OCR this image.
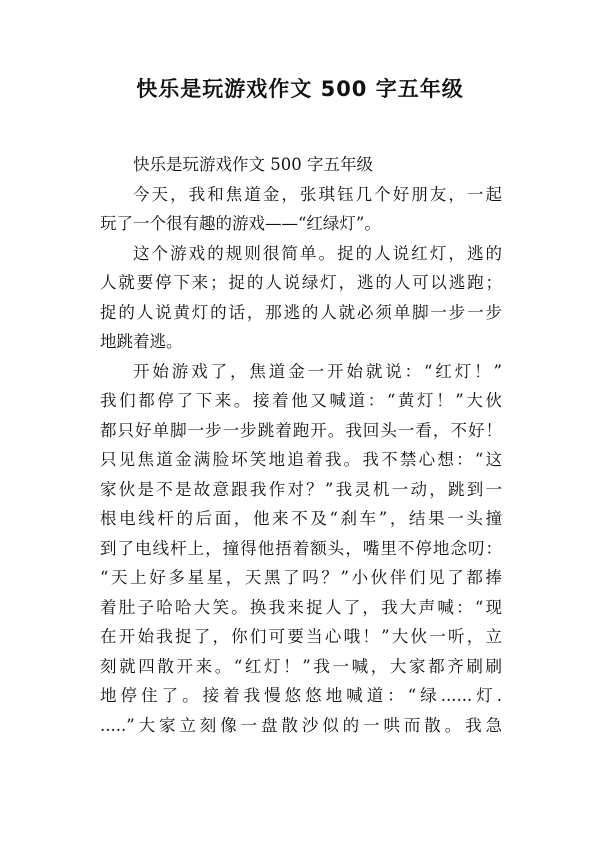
快乐是玩游戏作文 500 字五年级
快乐是玩游戏作文 500 字五年级
今天，我和焦道金，张琪钰几个好朋友，一起
玩了一个很有趣的游戏——“红绿灯”。
这个游戏的规则很简单。捉的人说红灯，逃的
人就要停下来；捉的人说绿灯，逃的人可以逃跑；
捉的人说黄灯的话，那逃的人就必须单脚一步一步
地跳着逃。
开始游戏了，焦道金一开始就说：“红灯！”
我们都停了下来。接着他又喊道：“黄灯！”大伙
都只好单脚一步一步跳着跑开。我回头一看，不好！
只见焦道金满脸坏笑地追着我。我不禁心想：“这
家伙是不是故意跟我作对？”我灵机一动，跳到一
根电线杆的后面，他来不及“刹车”，结果一头撞
到了电线杆上，撞得他捂着额头，嘴里不停地念叨：
“天上好多星星，天黑了吗？”小伙伴们见了都捧
着肚子哈哈大笑。换我来捉人了，我大声喊：“现
在开始我捉了，你们可要当心哦！”大伙一听，立
刻就四散开来。“红灯！”我一喊，大家都齐刷刷
地停住了。接着我慢悠悠地喊道：“绿......灯.
.....”大家立刻像一盘散沙似的一哄而散。我急
